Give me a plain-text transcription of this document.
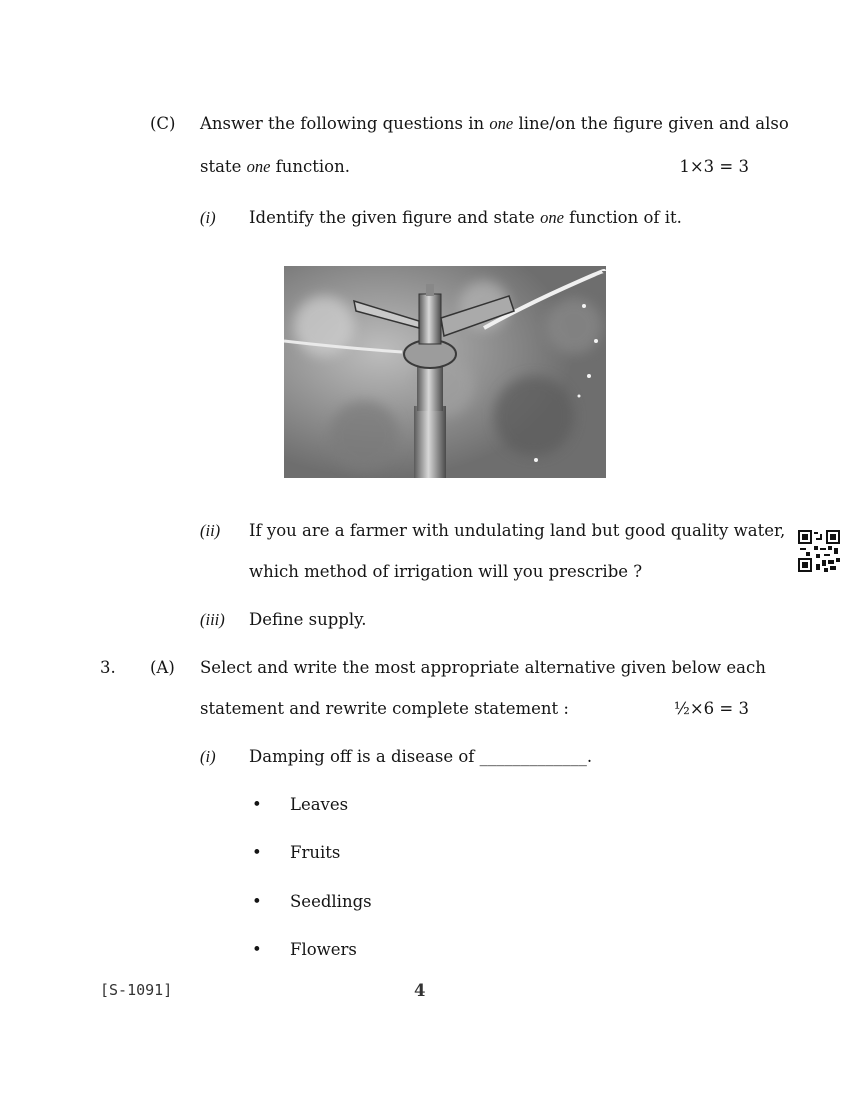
(C) Answer the following questions in one line/on the figure given and also
state one function.	1×3 = 3
(i) Identify the given figure and state one function of it.
(ii) If you are a farmer with undulating land but good quality water,
which method of irrigation will you prescribe ?
(iii) Define supply.
3. (A) Select and write the most appropriate alternative given below each
statement and rewrite complete statement :	½×6 = 3
(i) Damping off is a disease of _____________.
• Leaves
• Fruits
• Seedlings
• Flowers
[S-1091]	4
